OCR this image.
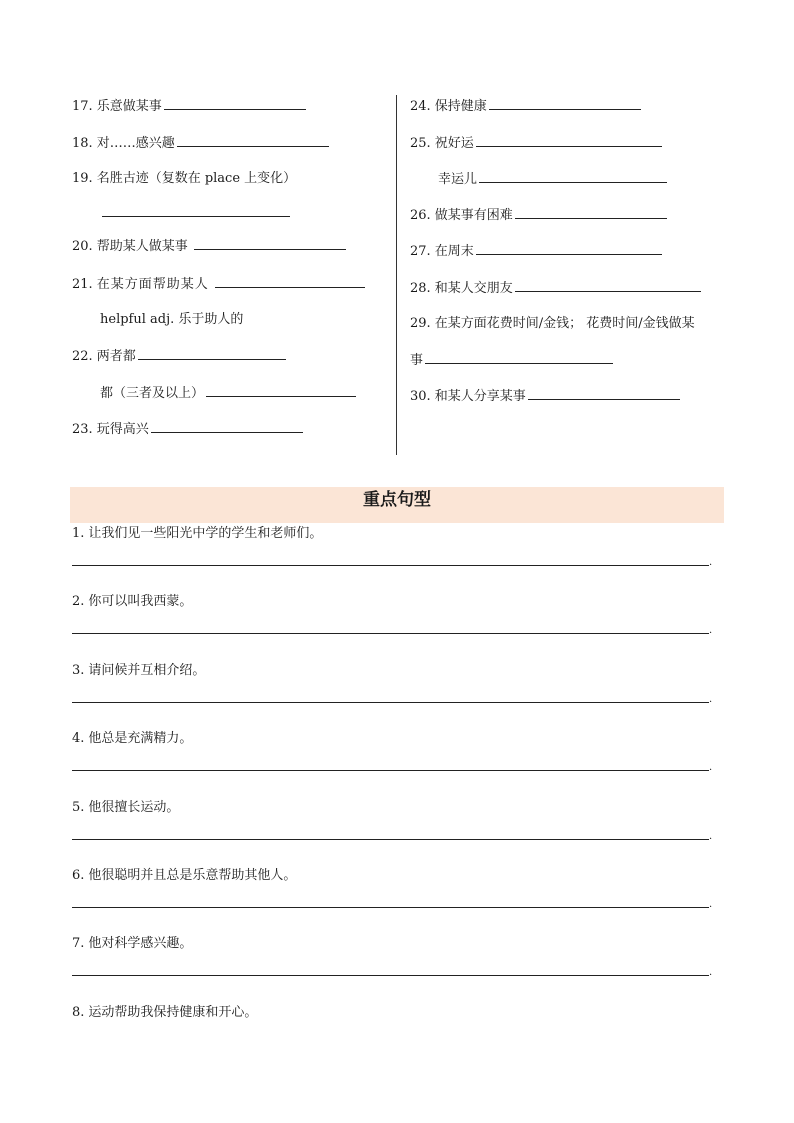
17. 乐意做某事
18. 对……感兴趣
19. 名胜古迹（复数在 place 上变化）
20. 帮助某人做某事
21. 在某方面帮助某人
helpful adj. 乐于助人的
22. 两者都
都（三者及以上）
23. 玩得高兴
24. 保持健康
25. 祝好运
幸运儿
26. 做某事有困难
27. 在周末
28. 和某人交朋友
29. 在某方面花费时间/金钱； 花费时间/金钱做某
事
30. 和某人分享某事
重点句型
1. 让我们见一些阳光中学的学生和老师们。
.
2. 你可以叫我西蒙。
.
3. 请问候并互相介绍。
.
4. 他总是充满精力。
.
5. 他很擅长运动。
.
6. 他很聪明并且总是乐意帮助其他人。
.
7. 他对科学感兴趣。
.
8. 运动帮助我保持健康和开心。
